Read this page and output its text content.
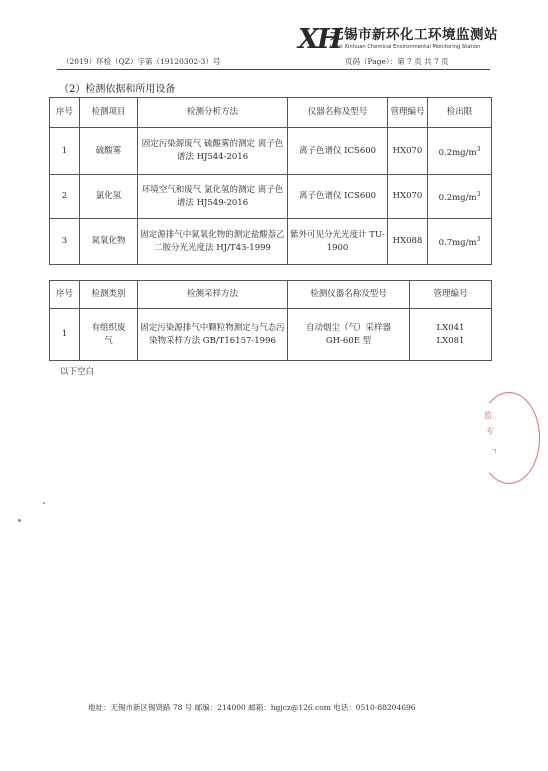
XH
无锡市新环化工环境监测站
Wuxi Xinhuan Chemical Environmental Monitoring Station
（2019）环检（QZ）字第（19120302-3）号	页码（Page）：第 7 页 共 7 页
（2）检测依据和所用设备
序号	检测项目	检测分析方法	仪器名称及型号	管理编号	检出限
1	硫酸雾	固定污染源废气 硫酸雾的测定 离子色谱法 HJ544-2016	离子色谱仪 ICS600	HX070	$0.2mg/m^3$
2	氯化氢	环境空气和废气 氯化氢的测定 离子色谱法 HJ549-2016	离子色谱仪 ICS600	HX070	$0.2mg/m^3$
3	氮氧化物	固定源排气中氮氧化物的测定盐酸萘乙二胺分光光度法 HJ/T43-1999	紫外可见分光光度计 TU-1900	HX088	$0.7mg/m^3$
序号	检测类别	检测采样方法	检测仪器名称及型号	管理编号
1	有组织废气	固定污染源排气中颗粒物测定与气态污染物采样方法 GB/T16157-1996	自动烟尘（气）采样器 GH-60E 型	LX041
LX081
以下空白
监
专
ㄱ
地址：无锡市新区锡贤路 78 号 邮编：214000 邮箱：hgjcz@126.com 电话：0510-88204696
